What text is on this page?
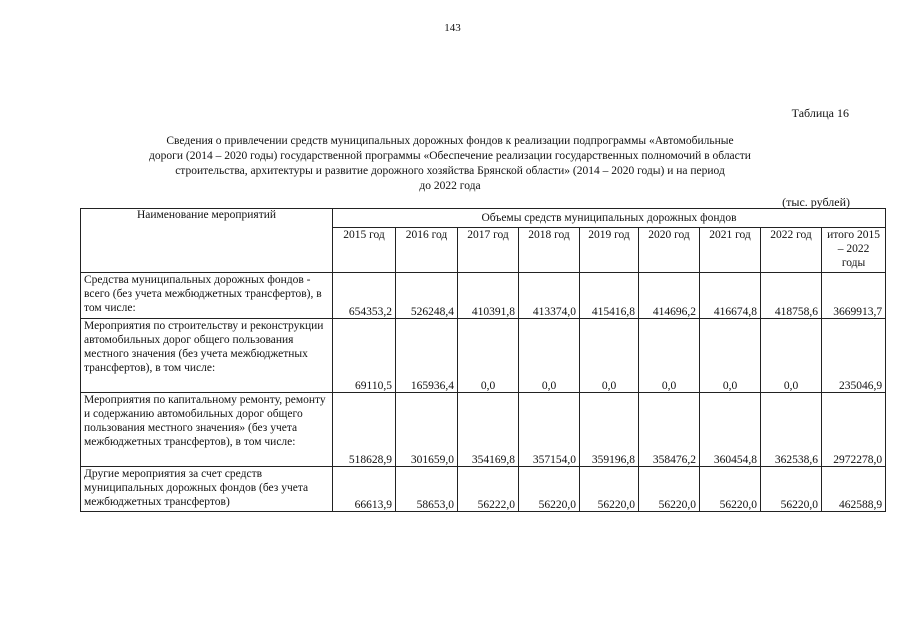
143
Таблица 16
Сведения о привлечении средств муниципальных дорожных фондов к реализации подпрограммы «Автомобильные
дороги (2014 – 2020 годы) государственной программы «Обеспечение реализации государственных полномочий в области
строительства, архитектуры и развитие дорожного хозяйства Брянской области» (2014 – 2020 годы) и на период
до 2022 года
(тыс. рублей)
Наименование мероприятий	Объемы средств муниципальных дорожных фондов								
	2015 год	2016 год	2017 год	2018 год	2019 год	2020 год	2021 год	2022 год	итого 2015 – 2022 годы
Средства муниципальных дорожных фондов - всего (без учета межбюджетных трансфертов), в том числе:	654353,2	526248,4	410391,8	413374,0	415416,8	414696,2	416674,8	418758,6	3669913,7
Мероприятия по строительству и реконструкции автомобильных дорог общего пользования местного значения (без учета межбюджетных трансфертов), в том числе:	69110,5	165936,4	0,0	0,0	0,0	0,0	0,0	0,0	235046,9
Мероприятия по капитальному ремонту, ремонту и содержанию автомобильных дорог общего пользования местного значения» (без учета межбюджетных трансфертов), в том числе:	518628,9	301659,0	354169,8	357154,0	359196,8	358476,2	360454,8	362538,6	2972278,0
Другие мероприятия за счет средств муниципальных дорожных фондов (без учета межбюджетных трансфертов)	66613,9	58653,0	56222,0	56220,0	56220,0	56220,0	56220,0	56220,0	462588,9
